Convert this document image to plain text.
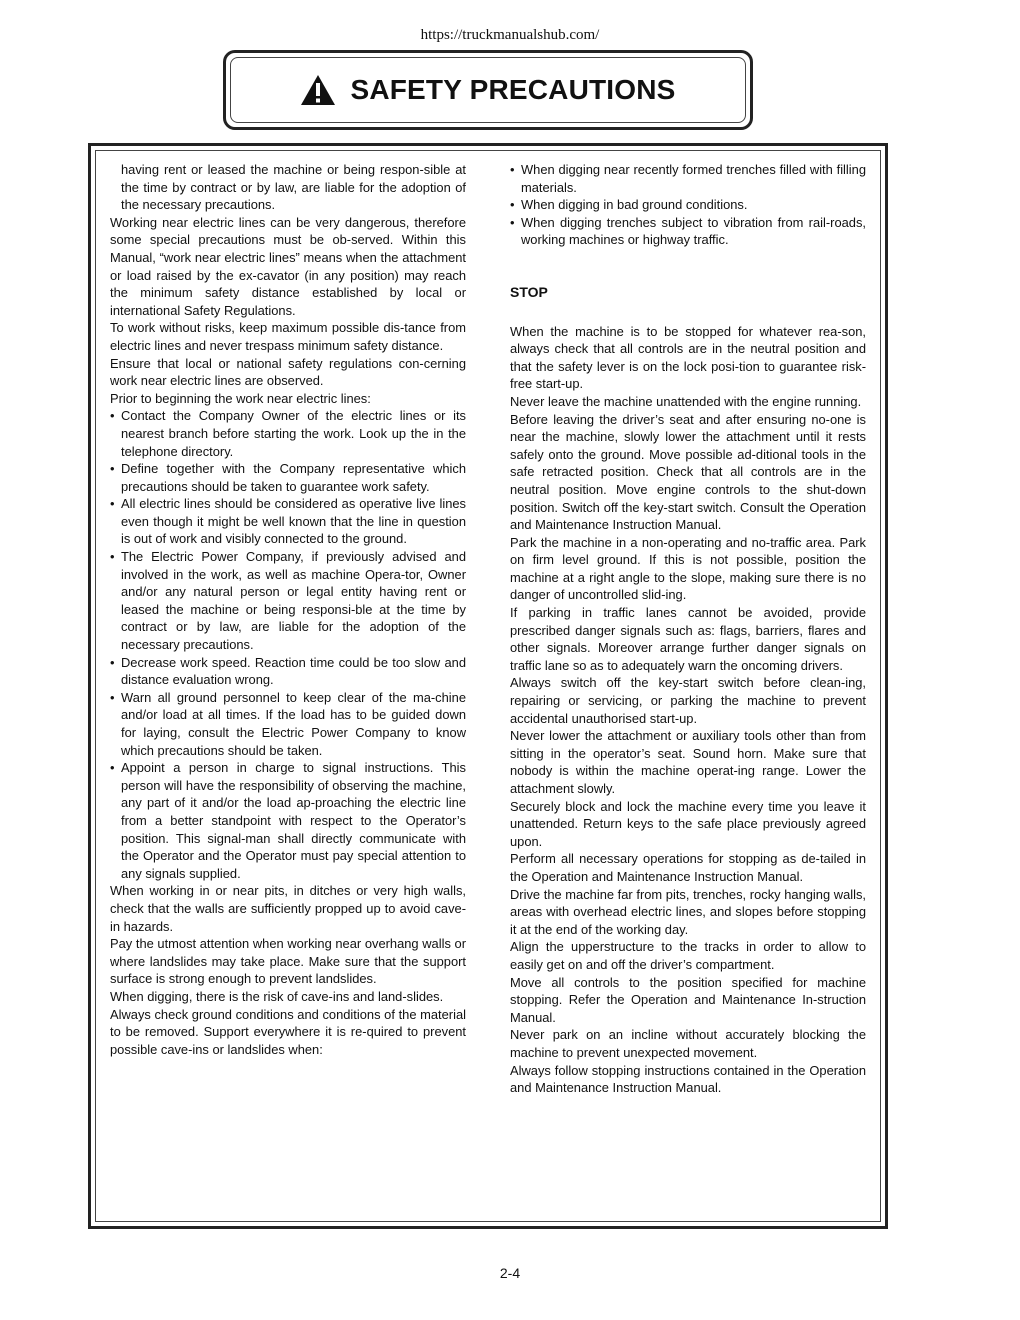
https://truckmanualshub.com/
SAFETY PRECAUTIONS

having rent or leased the machine or being respon-sible at the time by contract or by law, are liable for the adoption of the necessary precautions.

Working near electric lines can be very dangerous, therefore some special precautions must be ob-served. Within this Manual, “work near electric lines” means when the attachment or load raised by the ex-cavator (in any position) may reach the minimum safety distance established by local or international Safety Regulations.

To work without risks, keep maximum possible dis-tance from electric lines and never trespass minimum safety distance.

Ensure that local or national safety regulations con-cerning work near electric lines are observed.

Prior to beginning the work near electric lines:

• Contact the Company Owner of the electric lines or its nearest branch before starting the work. Look up the in the telephone directory.
• Define together with the Company representative which precautions should be taken to guarantee work safety.
• All electric lines should be considered as operative live lines even though it might be well known that the line in question is out of work and visibly connected to the ground.
• The Electric Power Company, if previously advised and involved in the work, as well as machine Opera-tor, Owner and/or any natural person or legal entity having rent or leased the machine or being responsi-ble at the time by contract or by law, are liable for the adoption of the necessary precautions.
• Decrease work speed. Reaction time could be too slow and distance evaluation wrong.
• Warn all ground personnel to keep clear of the ma-chine and/or load at all times. If the load has to be guided down for laying, consult the Electric Power Company to know which precautions should be taken.
• Appoint a person in charge to signal instructions. This person will have the responsibility of observing the machine, any part of it and/or the load ap-proaching the electric line from a better standpoint with respect to the Operator’s position. This signal-man shall directly communicate with the Operator and the Operator must pay special attention to any signals supplied.

When working in or near pits, in ditches or very high walls, check that the walls are sufficiently propped up to avoid cave-in hazards.

Pay the utmost attention when working near overhang walls or where landslides may take place. Make sure that the support surface is strong enough to prevent landslides.

When digging, there is the risk of cave-ins and land-slides.

Always check ground conditions and conditions of the material to be removed. Support everywhere it is re-quired to prevent possible cave-ins or landslides when:

• When digging near recently formed trenches filled with filling materials.
• When digging in bad ground conditions.
• When digging trenches subject to vibration from rail-roads, working machines or highway traffic.

STOP

When the machine is to be stopped for whatever rea-son, always check that all controls are in the neutral position and that the safety lever is on the lock posi-tion to guarantee risk-free start-up.

Never leave the machine unattended with the engine running.

Before leaving the driver’s seat and after ensuring no-one is near the machine, slowly lower the attachment until it rests safely onto the ground. Move possible ad-ditional tools in the safe retracted position. Check that all controls are in the neutral position. Move engine controls to the shut-down position. Switch off the key-start switch. Consult the Operation and Maintenance Instruction Manual.

Park the machine in a non-operating and no-traffic area. Park on firm level ground. If this is not possible, position the machine at a right angle to the slope, making sure there is no danger of uncontrolled slid-ing.

If parking in traffic lanes cannot be avoided, provide prescribed danger signals such as: flags, barriers, flares and other signals. Moreover arrange further danger signals on traffic lane so as to adequately warn the oncoming drivers.

Always switch off the key-start switch before clean-ing, repairing or servicing, or parking the machine to prevent accidental unauthorised start-up.

Never lower the attachment or auxiliary tools other than from sitting in the operator’s seat. Sound horn. Make sure that nobody is within the machine operat-ing range. Lower the attachment slowly.

Securely block and lock the machine every time you leave it unattended. Return keys to the safe place previously agreed upon.

Perform all necessary operations for stopping as de-tailed in the Operation and Maintenance Instruction Manual.

Drive the machine far from pits, trenches, rocky hanging walls, areas with overhead electric lines, and slopes before stopping it at the end of the working day.

Align the upperstructure to the tracks in order to allow to easily get on and off the driver’s compartment.

Move all controls to the position specified for machine stopping. Refer the Operation and Maintenance In-struction Manual.

Never park on an incline without accurately blocking the machine to prevent unexpected movement.

Always follow stopping instructions contained in the Operation and Maintenance Instruction Manual.

2-4
